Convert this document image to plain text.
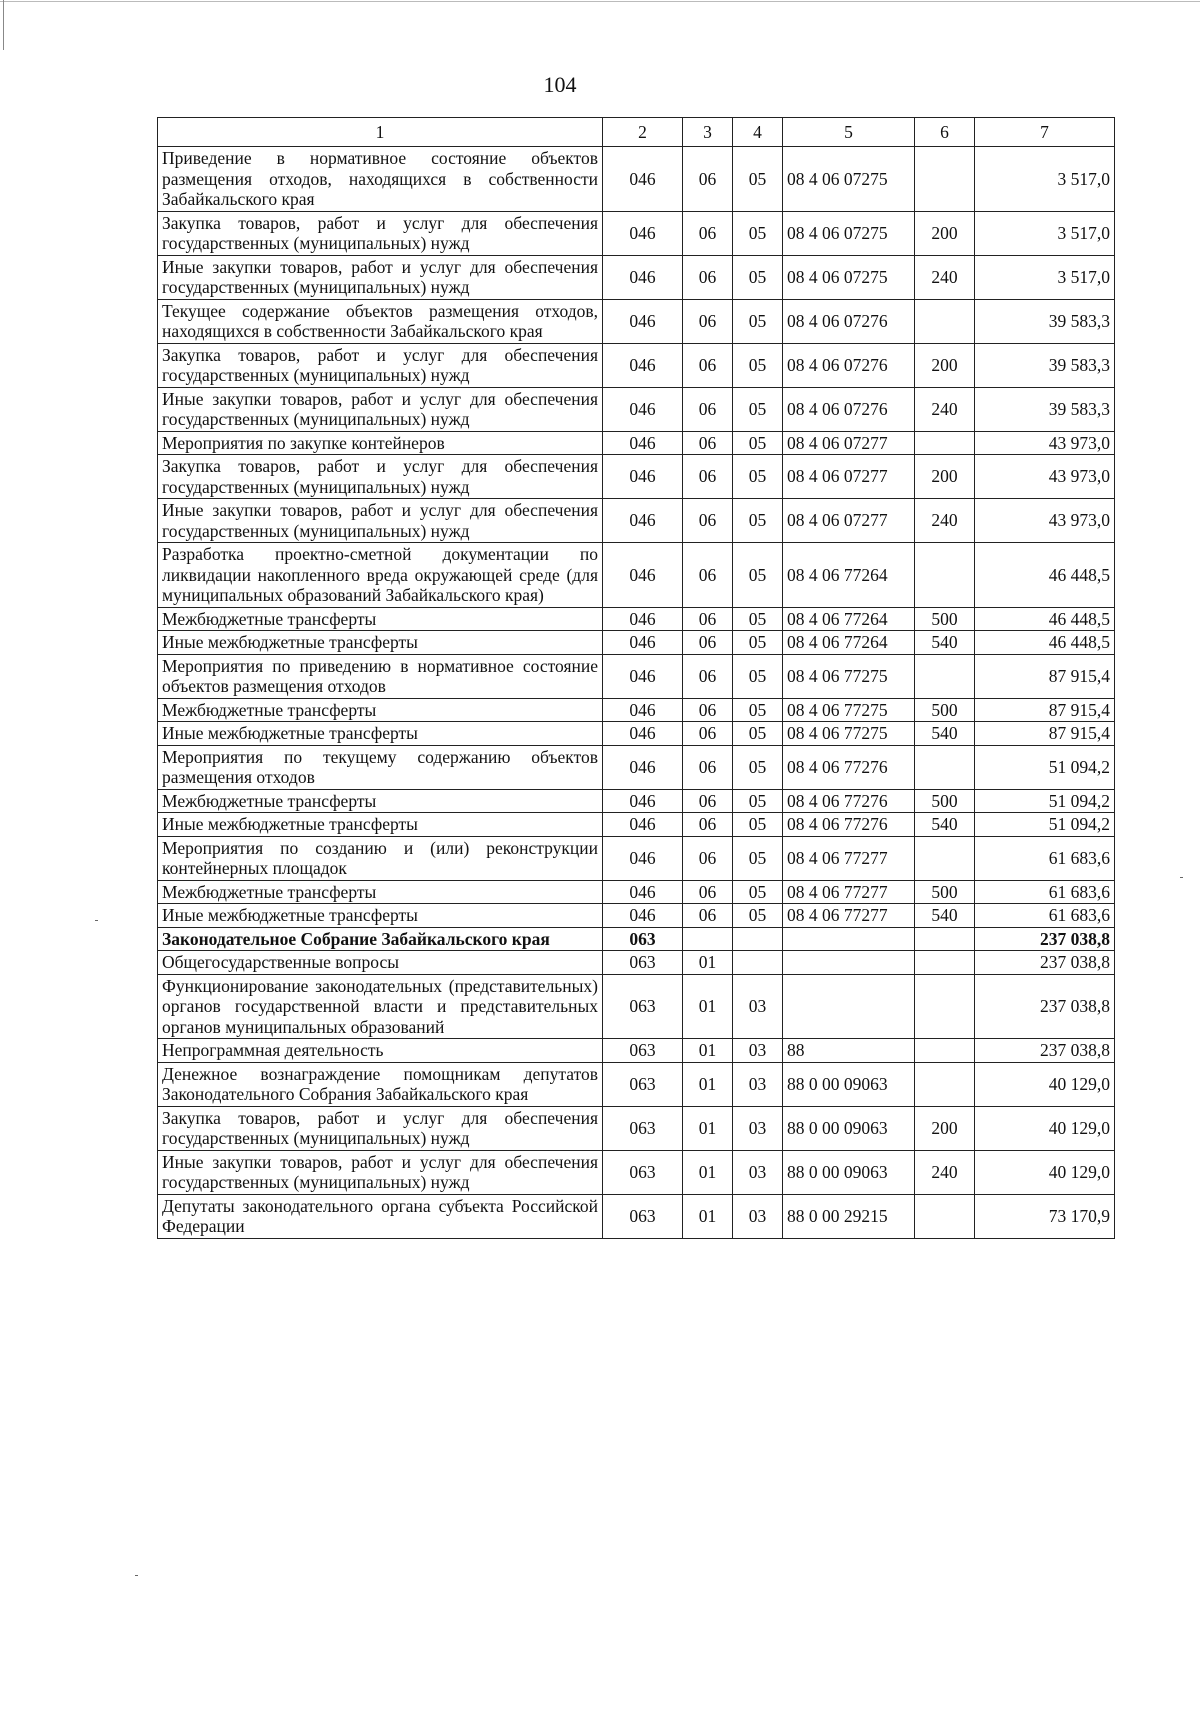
104
1	2	3	4	5	6	7
Приведение в нормативное состояние объектов размещения отходов, находящихся в собственности Забайкальского края	046	06	05	08 4 06 07275		3 517,0
Закупка товаров, работ и услуг для обеспечения государственных (муниципальных) нужд	046	06	05	08 4 06 07275	200	3 517,0
Иные закупки товаров, работ и услуг для обеспечения государственных (муниципальных) нужд	046	06	05	08 4 06 07275	240	3 517,0
Текущее содержание объектов размещения отходов, находящихся в собственности Забайкальского края	046	06	05	08 4 06 07276		39 583,3
Закупка товаров, работ и услуг для обеспечения государственных (муниципальных) нужд	046	06	05	08 4 06 07276	200	39 583,3
Иные закупки товаров, работ и услуг для обеспечения государственных (муниципальных) нужд	046	06	05	08 4 06 07276	240	39 583,3
Мероприятия по закупке контейнеров	046	06	05	08 4 06 07277		43 973,0
Закупка товаров, работ и услуг для обеспечения государственных (муниципальных) нужд	046	06	05	08 4 06 07277	200	43 973,0
Иные закупки товаров, работ и услуг для обеспечения государственных (муниципальных) нужд	046	06	05	08 4 06 07277	240	43 973,0
Разработка проектно-сметной документации по ликвидации накопленного вреда окружающей среде (для муниципальных образований Забайкальского края)	046	06	05	08 4 06 77264		46 448,5
Межбюджетные трансферты	046	06	05	08 4 06 77264	500	46 448,5
Иные межбюджетные трансферты	046	06	05	08 4 06 77264	540	46 448,5
Мероприятия по приведению в нормативное состояние объектов размещения отходов	046	06	05	08 4 06 77275		87 915,4
Межбюджетные трансферты	046	06	05	08 4 06 77275	500	87 915,4
Иные межбюджетные трансферты	046	06	05	08 4 06 77275	540	87 915,4
Мероприятия по текущему содержанию объектов размещения отходов	046	06	05	08 4 06 77276		51 094,2
Межбюджетные трансферты	046	06	05	08 4 06 77276	500	51 094,2
Иные межбюджетные трансферты	046	06	05	08 4 06 77276	540	51 094,2
Мероприятия по созданию и (или) реконструкции контейнерных площадок	046	06	05	08 4 06 77277		61 683,6
Межбюджетные трансферты	046	06	05	08 4 06 77277	500	61 683,6
Иные межбюджетные трансферты	046	06	05	08 4 06 77277	540	61 683,6
Законодательное Собрание Забайкальского края	063					237 038,8
Общегосударственные вопросы	063	01				237 038,8
Функционирование законодательных (представительных) органов государственной власти и представительных органов муниципальных образований	063	01	03			237 038,8
Непрограммная деятельность	063	01	03	88		237 038,8
Денежное вознаграждение помощникам депутатов Законодательного Собрания Забайкальского края	063	01	03	88 0 00 09063		40 129,0
Закупка товаров, работ и услуг для обеспечения государственных (муниципальных) нужд	063	01	03	88 0 00 09063	200	40 129,0
Иные закупки товаров, работ и услуг для обеспечения государственных (муниципальных) нужд	063	01	03	88 0 00 09063	240	40 129,0
Депутаты законодательного органа субъекта Российской Федерации	063	01	03	88 0 00 29215		73 170,9
